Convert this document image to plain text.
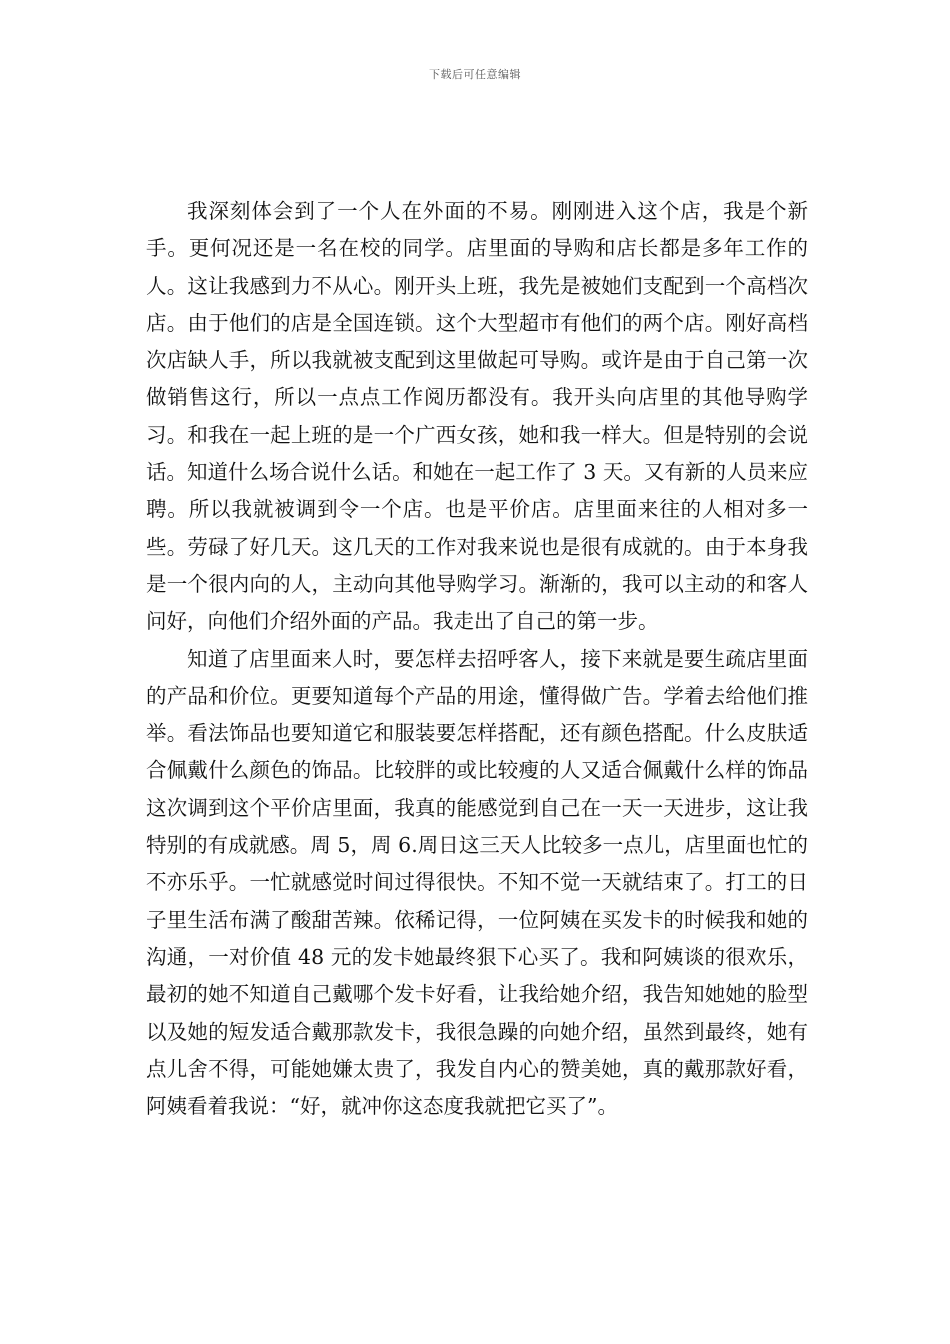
下载后可任意编辑

我深刻体会到了一个人在外面的不易。刚刚进入这个店，我是个新手。更何况还是一名在校的同学。店里面的导购和店长都是多年工作的人。这让我感到力不从心。刚开头上班，我先是被她们支配到一个高档次店。由于他们的店是全国连锁。这个大型超市有他们的两个店。刚好高档次店缺人手，所以我就被支配到这里做起可导购。或许是由于自己第一次做销售这行，所以一点点工作阅历都没有。我开头向店里的其他导购学习。和我在一起上班的是一个广西女孩，她和我一样大。但是特别的会说话。知道什么场合说什么话。和她在一起工作了 3 天。又有新的人员来应聘。所以我就被调到令一个店。也是平价店。店里面来往的人相对多一些。劳碌了好几天。这几天的工作对我来说也是很有成就的。由于本身我是一个很内向的人，主动向其他导购学习。渐渐的，我可以主动的和客人问好，向他们介绍外面的产品。我走出了自己的第一步。

知道了店里面来人时，要怎样去招呼客人，接下来就是要生疏店里面的产品和价位。更要知道每个产品的用途，懂得做广告。学着去给他们推举。看法饰品也要知道它和服装要怎样搭配，还有颜色搭配。什么皮肤适合佩戴什么颜色的饰品。比较胖的或比较瘦的人又适合佩戴什么样的饰品这次调到这个平价店里面，我真的能感觉到自己在一天一天进步，这让我特别的有成就感。周 5，周 6.周日这三天人比较多一点儿，店里面也忙的不亦乐乎。一忙就感觉时间过得很快。不知不觉一天就结束了。打工的日子里生活布满了酸甜苦辣。依稀记得，一位阿姨在买发卡的时候我和她的沟通，一对价值 48 元的发卡她最终狠下心买了。我和阿姨谈的很欢乐，最初的她不知道自己戴哪个发卡好看，让我给她介绍，我告知她她的脸型以及她的短发适合戴那款发卡，我很急躁的向她介绍，虽然到最终，她有点儿舍不得，可能她嫌太贵了，我发自内心的赞美她，真的戴那款好看，阿姨看着我说：“好，就冲你这态度我就把它买了”。
